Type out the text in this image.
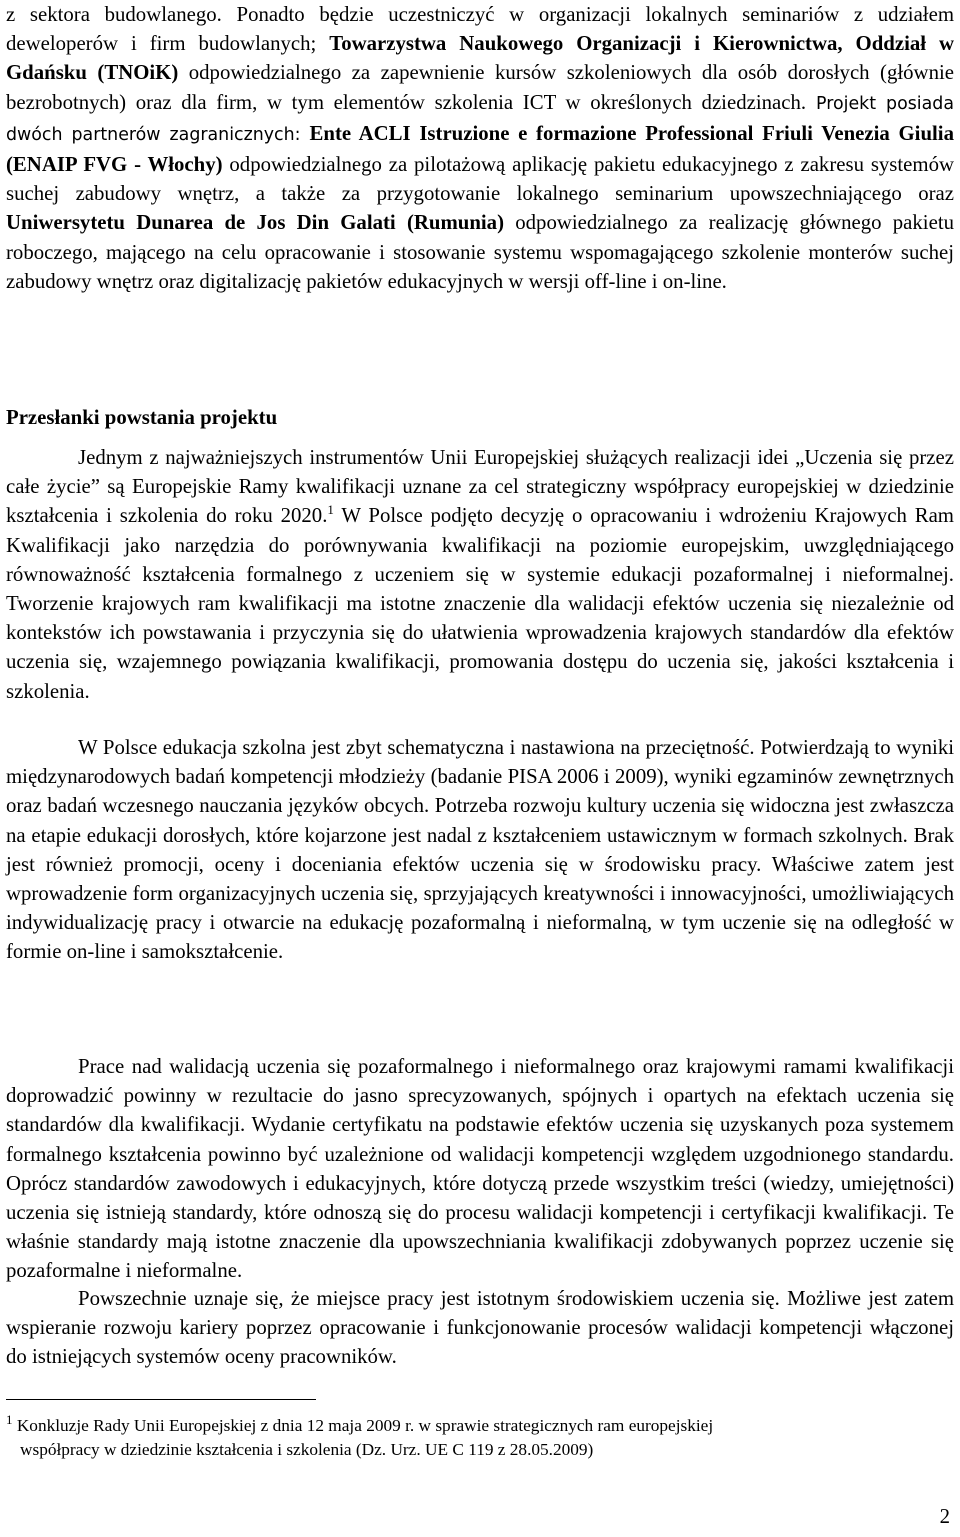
z sektora budowlanego. Ponadto będzie uczestniczyć w organizacji lokalnych seminariów z udziałem deweloperów i firm budowlanych; Towarzystwa Naukowego Organizacji i Kierownictwa, Oddział w Gdańsku (TNOiK) odpowiedzialnego za zapewnienie kursów szkoleniowych dla osób dorosłych (głównie bezrobotnych) oraz dla firm, w tym elementów szkolenia ICT w określonych dziedzinach. Projekt posiada dwóch partnerów zagranicznych: Ente ACLI Istruzione e formazione Professional Friuli Venezia Giulia (ENAIP FVG - Włochy) odpowiedzialnego za pilotażową aplikację pakietu edukacyjnego z zakresu systemów suchej zabudowy wnętrz, a także za przygotowanie lokalnego seminarium upowszechniającego oraz Uniwersytetu Dunarea de Jos Din Galati (Rumunia) odpowiedzialnego za realizację głównego pakietu roboczego, mającego na celu opracowanie i stosowanie systemu wspomagającego szkolenie monterów suchej zabudowy wnętrz oraz digitalizację pakietów edukacyjnych w wersji off-line i on-line.

Przesłanki powstania projektu

Jednym z najważniejszych instrumentów Unii Europejskiej służących realizacji idei „Uczenia się przez całe życie” są Europejskie Ramy kwalifikacji uznane za cel strategiczny współpracy europejskiej w dziedzinie kształcenia i szkolenia do roku 2020.$^1$ W Polsce podjęto decyzję o opracowaniu i wdrożeniu Krajowych Ram Kwalifikacji jako narzędzia do porównywania kwalifikacji na poziomie europejskim, uwzględniającego równoważność kształcenia formalnego z uczeniem się w systemie edukacji pozaformalnej i nieformalnej. Tworzenie krajowych ram kwalifikacji ma istotne znaczenie dla walidacji efektów uczenia się niezależnie od kontekstów ich powstawania i przyczynia się do ułatwienia wprowadzenia krajowych standardów dla efektów uczenia się, wzajemnego powiązania kwalifikacji, promowania dostępu do uczenia się, jakości kształcenia i szkolenia.

W Polsce edukacja szkolna jest zbyt schematyczna i nastawiona na przeciętność. Potwierdzają to wyniki międzynarodowych badań kompetencji młodzieży (badanie PISA 2006 i 2009), wyniki egzaminów zewnętrznych oraz badań wczesnego nauczania języków obcych. Potrzeba rozwoju kultury uczenia się widoczna jest zwłaszcza na etapie edukacji dorosłych, które kojarzone jest nadal z kształceniem ustawicznym w formach szkolnych. Brak jest również promocji, oceny i doceniania efektów uczenia się w środowisku pracy. Właściwe zatem jest wprowadzenie form organizacyjnych uczenia się, sprzyjających kreatywności i innowacyjności, umożliwiających indywidualizację pracy i otwarcie na edukację pozaformalną i nieformalną, w tym uczenie się na odległość w formie on-line i samokształcenie.

Prace nad walidacją uczenia się pozaformalnego i nieformalnego oraz krajowymi ramami kwalifikacji doprowadzić powinny w rezultacie do jasno sprecyzowanych, spójnych i opartych na efektach uczenia się standardów dla kwalifikacji. Wydanie certyfikatu na podstawie efektów uczenia się uzyskanych poza systemem formalnego kształcenia powinno być uzależnione od walidacji kompetencji względem uzgodnionego standardu. Oprócz standardów zawodowych i edukacyjnych, które dotyczą przede wszystkim treści (wiedzy, umiejętności) uczenia się istnieją standardy, które odnoszą się do procesu walidacji kompetencji i certyfikacji kwalifikacji. Te właśnie standardy mają istotne znaczenie dla upowszechniania kwalifikacji zdobywanych poprzez uczenie się pozaformalne i nieformalne.

Powszechnie uznaje się, że miejsce pracy jest istotnym środowiskiem uczenia się. Możliwe jest zatem wspieranie rozwoju kariery poprzez opracowanie i funkcjonowanie procesów walidacji kompetencji włączonej do istniejących systemów oceny pracowników.

$^1$ Konkluzje Rady Unii Europejskiej z dnia 12 maja 2009 r. w sprawie strategicznych ram europejskiej
współpracy w dziedzinie kształcenia i szkolenia (Dz. Urz. UE C 119 z 28.05.2009)

2
